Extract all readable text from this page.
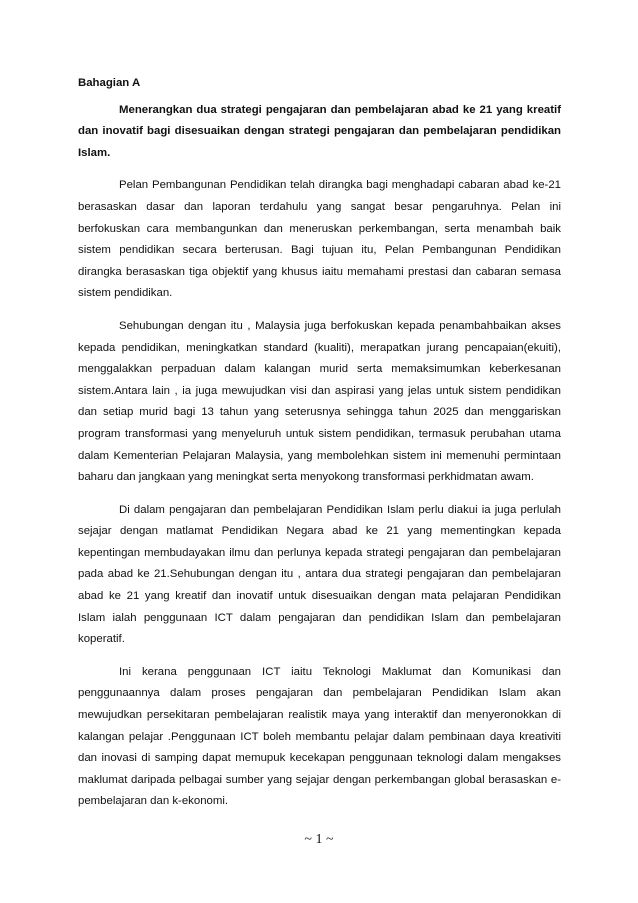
Bahagian A

Menerangkan dua strategi pengajaran dan pembelajaran abad ke 21 yang kreatif dan inovatif bagi disesuaikan dengan strategi pengajaran dan pembelajaran pendidikan Islam.

Pelan Pembangunan Pendidikan telah dirangka bagi menghadapi cabaran abad ke-21 berasaskan dasar dan laporan terdahulu yang sangat besar pengaruhnya. Pelan ini berfokuskan cara membangunkan dan meneruskan perkembangan, serta menambah baik sistem pendidikan secara berterusan. Bagi tujuan itu, Pelan Pembangunan Pendidikan dirangka berasaskan tiga objektif yang khusus iaitu memahami prestasi dan cabaran semasa sistem pendidikan.

Sehubungan dengan itu , Malaysia juga berfokuskan kepada penambahbaikan akses kepada pendidikan, meningkatkan standard (kualiti), merapatkan jurang pencapaian(ekuiti), menggalakkan perpaduan dalam kalangan murid serta memaksimumkan keberkesanan sistem.Antara lain , ia juga mewujudkan visi dan aspirasi yang jelas untuk sistem pendidikan dan setiap murid bagi 13 tahun yang seterusnya sehingga tahun 2025 dan menggariskan program transformasi yang menyeluruh untuk sistem pendidikan, termasuk perubahan utama dalam Kementerian Pelajaran Malaysia, yang membolehkan sistem ini memenuhi permintaan baharu dan jangkaan yang meningkat serta menyokong transformasi perkhidmatan awam.

Di dalam pengajaran dan pembelajaran Pendidikan Islam perlu diakui ia juga perlulah sejajar dengan matlamat Pendidikan Negara abad ke 21 yang mementingkan kepada kepentingan membudayakan ilmu dan perlunya kepada strategi pengajaran dan pembelajaran pada abad ke 21.Sehubungan dengan itu , antara dua strategi pengajaran dan pembelajaran abad ke 21 yang kreatif dan inovatif untuk disesuaikan dengan mata pelajaran Pendidikan Islam ialah penggunaan ICT dalam pengajaran dan pendidikan Islam dan pembelajaran koperatif.

Ini kerana penggunaan ICT iaitu Teknologi Maklumat dan Komunikasi dan penggunaannya dalam proses pengajaran dan pembelajaran Pendidikan Islam akan mewujudkan persekitaran pembelajaran realistik maya yang interaktif dan menyeronokkan di kalangan pelajar .Penggunaan ICT boleh membantu pelajar dalam pembinaan daya kreativiti dan inovasi di samping dapat memupuk kecekapan penggunaan teknologi dalam mengakses maklumat daripada pelbagai sumber yang sejajar dengan perkembangan global berasaskan e-pembelajaran dan k-ekonomi.

~ 1 ~
